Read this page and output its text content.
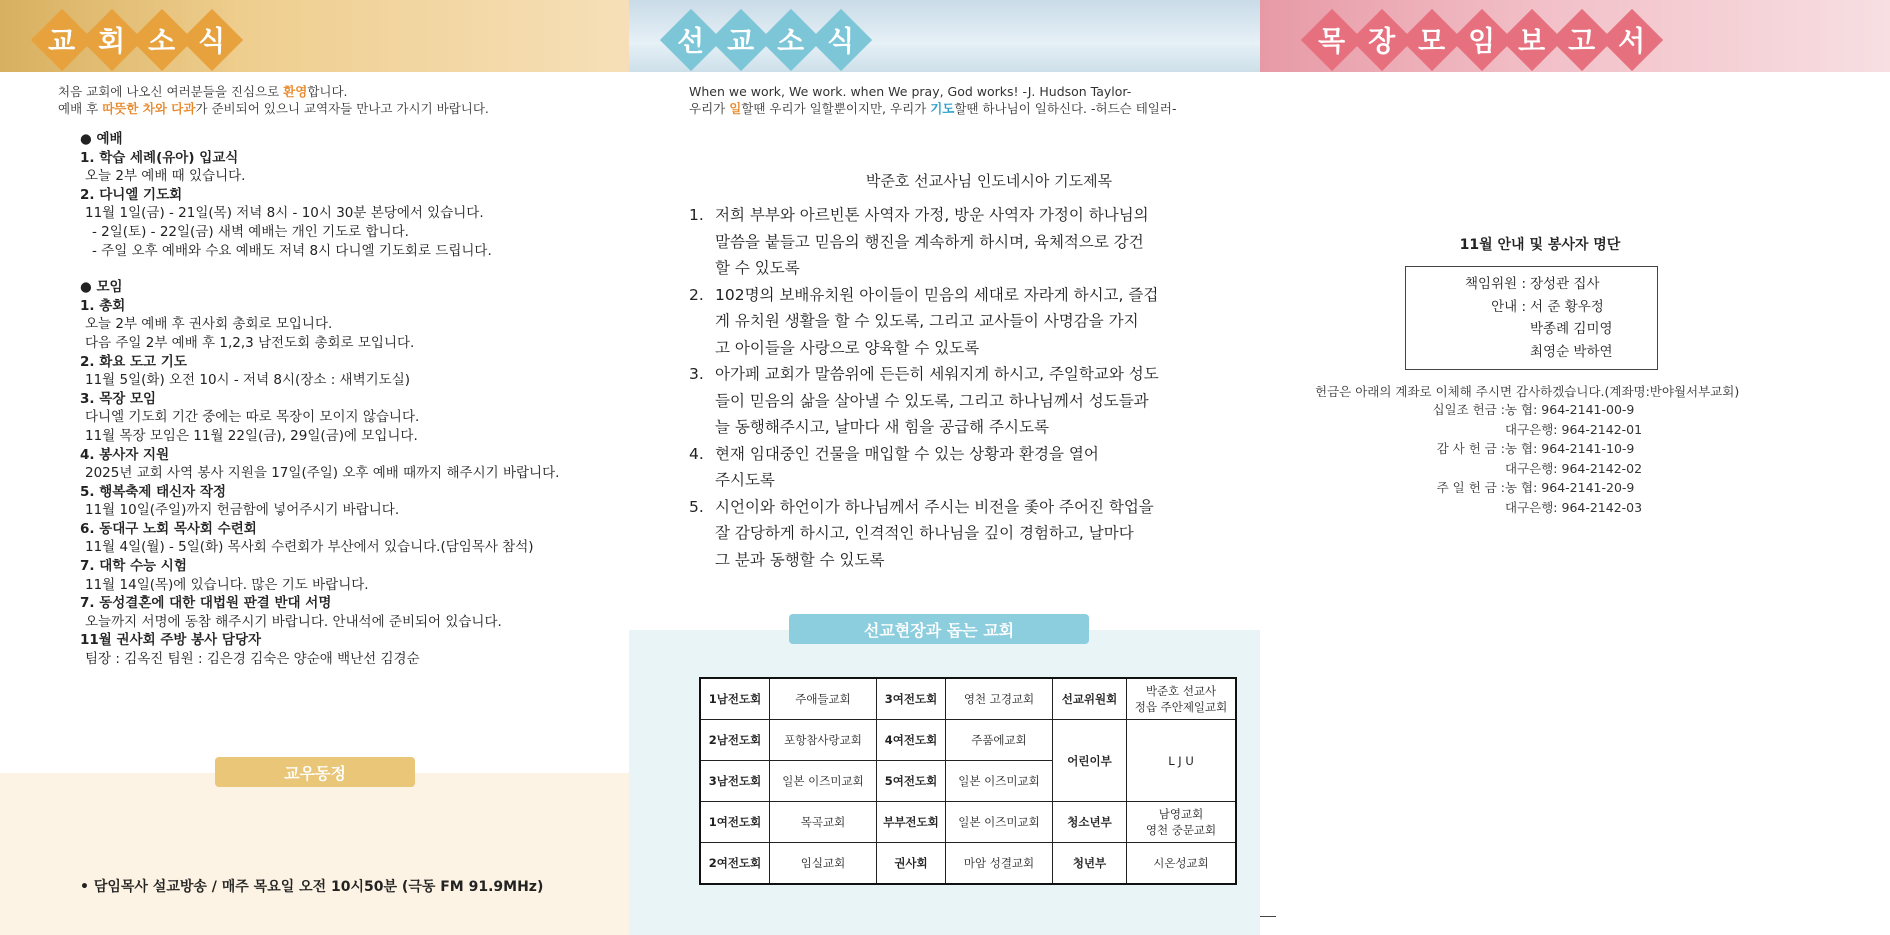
교 회 소 식
처음 교회에 나오신 여러분들을 진심으로 환영합니다.
예배 후 따뜻한 차와 다과가 준비되어 있으니 교역자들 만나고 가시기 바랍니다.
● 예배
1. 학습 세례(유아) 입교식
오늘 2부 예배 때 있습니다.
2. 다니엘 기도회
11월 1일(금) - 21일(목) 저녁 8시 - 10시 30분 본당에서 있습니다.
- 2일(토) - 22일(금) 새벽 예배는 개인 기도로 합니다.
- 주일 오후 예배와 수요 예배도 저녁 8시 다니엘 기도회로 드립니다.
● 모임
1. 총회
오늘 2부 예배 후 권사회 총회로 모입니다.
다음 주일 2부 예배 후 1,2,3 남전도회 총회로 모입니다.
2. 화요 도고 기도
11월 5일(화) 오전 10시 - 저녁 8시(장소 : 새벽기도실)
3. 목장 모임
다니엘 기도회 기간 중에는 따로 목장이 모이지 않습니다.
11월 목장 모임은 11월 22일(금), 29일(금)에 모입니다.
4. 봉사자 지원
2025년 교회 사역 봉사 지원을 17일(주일) 오후 예배 때까지 해주시기 바랍니다.
5. 행복축제 태신자 작정
11월 10일(주일)까지 헌금함에 넣어주시기 바랍니다.
6. 동대구 노회 목사회 수련회
11월 4일(월) - 5일(화) 목사회 수련회가 부산에서 있습니다.(담임목사 참석)
7. 대학 수능 시험
11월 14일(목)에 있습니다. 많은 기도 바랍니다.
7. 동성결혼에 대한 대법원 판결 반대 서명
오늘까지 서명에 동참 해주시기 바랍니다. 안내석에 준비되어 있습니다.
11월 권사회 주방 봉사 담당자
팀장 : 김옥진 팀원 : 김은경 김숙은 양순애 백난선 김경순
교우동정
• 담임목사 설교방송 / 매주 목요일 오전 10시50분 (극동 FM 91.9MHz)
선 교 소 식
When we work, We work. when We pray, God works! -J. Hudson Taylor-
우리가 일할땐 우리가 일할뿐이지만, 우리가 기도할땐 하나님이 일하신다. -허드슨 테일러-
박준호 선교사님 인도네시아 기도제목
1. 저희 부부와 아르빈톤 사역자 가정, 방운 사역자 가정이 하나님의
말씀을 붙들고 믿음의 행진을 계속하게 하시며, 육체적으로 강건
할 수 있도록
2. 102명의 보배유치원 아이들이 믿음의 세대로 자라게 하시고, 즐겁
게 유치원 생활을 할 수 있도록, 그리고 교사들이 사명감을 가지
고 아이들을 사랑으로 양육할 수 있도록
3. 아가페 교회가 말씀위에 든든히 세워지게 하시고, 주일학교와 성도
들이 믿음의 삶을 살아낼 수 있도록, 그리고 하나님께서 성도들과
늘 동행해주시고, 날마다 새 힘을 공급해 주시도록
4. 현재 임대중인 건물을 매입할 수 있는 상황과 환경을 열어
주시도록
5. 시언이와 하언이가 하나님께서 주시는 비전을 좇아 주어진 학업을
잘 감당하게 하시고, 인격적인 하나님을 깊이 경험하고, 날마다
그 분과 동행할 수 있도록
선교현장과 돕는 교회
1남전도회	주애들교회	3여전도회	영천 고경교회	선교위원회	박준호 선교사
정읍 주안제일교회

2남전도회	포항참사랑교회	4여전도회	주품에교회	어린이부	L J U
3남전도회	일본 이즈미교회	5여전도회	일본 이즈미교회		
1여전도회	목곡교회	부부전도회	일본 이즈미교회	청소년부	남영교회
영천 중문교회

2여전도회	임실교회	권사회	마암 성결교회	청년부	시온성교회
목 장 모 임 보 고 서
11월 안내 및 봉사자 명단
책임위원 : 장성관 집사
안내 : 서 준 황우정
박종례 김미영
최영순 박하연
헌금은 아래의 계좌로 이체해 주시면 감사하겠습니다.(계좌명:반야월서부교회)
십일조 헌금 : 농 협: 964-2141-00-9
대구은행: 964-2142-01
감 사 헌 금 : 농 협: 964-2141-10-9
대구은행: 964-2142-02
주 일 헌 금 : 농 협: 964-2141-20-9
대구은행: 964-2142-03
